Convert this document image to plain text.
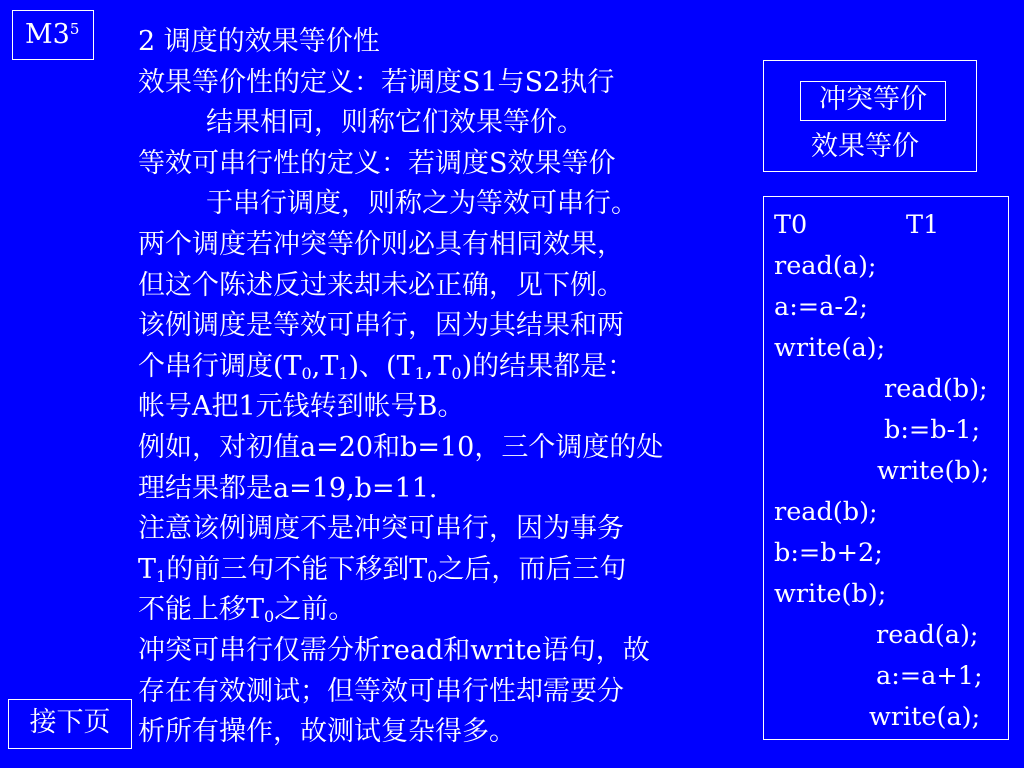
$M3^5$	2 调度的效果等价性
效果等价性的定义：若调度S1与S2执行
结果相同，则称它们效果等价。
等效可串行性的定义：若调度S效果等价
于串行调度，则称之为等效可串行。
两个调度若冲突等价则必具有相同效果，
但这个陈述反过来却未必正确，见下例。
该例调度是等效可串行，因为其结果和两
个串行调度$(T_0,T_1)$、$(T_1,T_0)$的结果都是：
帐号A把1元钱转到帐号B。
例如，对初值a=20和b=10，三个调度的处
理结果都是a=19,b=11.
注意该例调度不是冲突可串行，因为事务
$T_1$的前三句不能下移到$T_0$之后，而后三句
不能上移$T_0$之前。
冲突可串行仅需分析read和write语句，故
存在有效测试；但等效可串行性却需要分
析所有操作，故测试复杂得多。
冲突等价
效果等价
T0	T1
read(a);
a:=a-2;
write(a);
read(b);
b:=b-1;
write(b);
read(b);
b:=b+2;
write(b);
read(a);
a:=a+1;
write(a);
接下页
